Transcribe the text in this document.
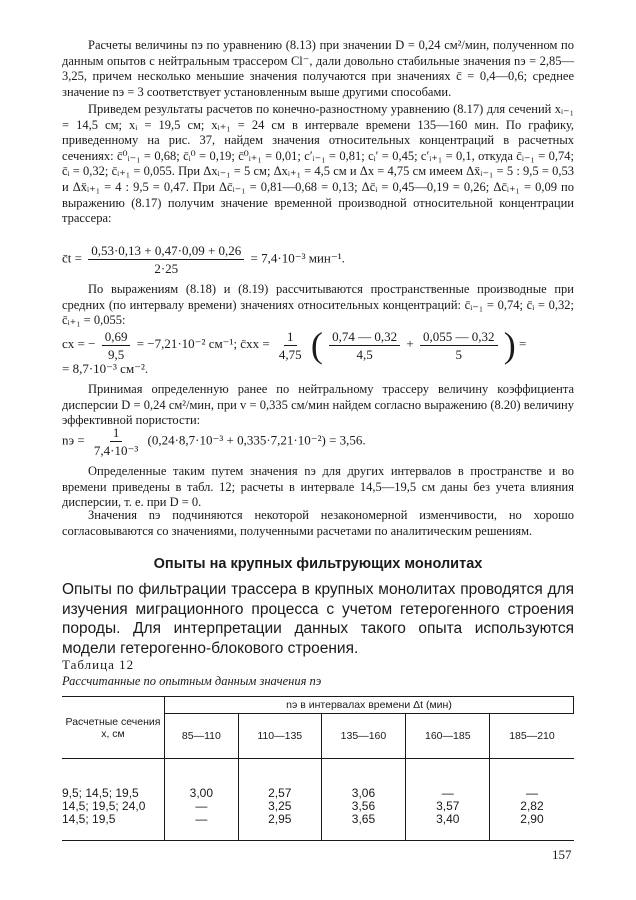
Расчеты величины nэ по уравнению (8.13) при значении D = 0,24 см²/мин, полученном по данным опытов с нейтральным трассером Cl⁻, дали довольно стабильные значения nэ = 2,85—3,25, причем несколько меньшие значения получаются при значениях c̄ = 0,4—0,6; среднее значение nэ = 3 соответствует установленным выше другими способами.

Приведем результаты расчетов по конечно-разностному уравнению (8.17) для сечений xᵢ₋₁ = 14,5 см; xᵢ = 19,5 см; xᵢ₊₁ = 24 см в интервале времени 135—160 мин. По графику, приведенному на рис. 37, найдем значения относительных концентраций в расчетных сечениях: c̄⁰ᵢ₋₁ = 0,68; c̄ᵢ⁰ = 0,19; c̄⁰ᵢ₊₁ = 0,01; c′ᵢ₋₁ = 0,81; cᵢ′ = 0,45; c′ᵢ₊₁ = 0,1, откуда c̄ᵢ₋₁ = 0,74; c̄ᵢ = 0,32; c̄ᵢ₊₁ = 0,055. При Δxᵢ₋₁ = 5 см; Δxᵢ₊₁ = 4,5 см и Δx = 4,75 см имеем Δx̄ᵢ₋₁ = 5 : 9,5 = 0,53 и Δx̄ᵢ₊₁ = 4 : 9,5 = 0,47. При Δc̄ᵢ₋₁ = 0,81—0,68 = 0,13; Δc̄ᵢ = 0,45—0,19 = 0,26; Δc̄ᵢ₊₁ = 0,09 по выражению (8.17) получим значение временной производной относительной концентрации трассера:

c̄t = $\frac{0,53\cdot 0,13 + 0,47\cdot 0,09 + 0,26}{2\cdot 25} = 7,4\cdot 10^{-3}$ мин⁻¹.

По выражениям (8.18) и (8.19) рассчитываются пространственные производные при средних (по интервалу времени) значениях относительных концентраций: c̄ᵢ₋₁ = 0,74; c̄ᵢ = 0,32; c̄ᵢ₊₁ = 0,055:

cx = − $\frac{0,69}{9,5} = -7,21\cdot 10^{-2}$ см⁻¹; c̄xx = $\frac{1}{4,75}$ ( $\frac{0,74 — 0,32}{4,5} + \frac{0,055 — 0,32}{5}$ ) =
= 8,7·10⁻³ см⁻².

Принимая определенную ранее по нейтральному трассеру величину коэффициента дисперсии D = 0,24 см²/мин, при v = 0,335 см/мин найдем согласно выражению (8.20) величину эффективной пористости:

nэ = $\frac{1}{\text{7,4·10⁻³}} (0,24\cdot 8,7\cdot 10^{-3} + 0,335\cdot 7,21\cdot 10^{-2}) = 3,56$.

Определенные таким путем значения nэ для других интервалов в пространстве и во времени приведены в табл. 12; расчеты в интервале 14,5—19,5 см даны без учета влияния дисперсии, т. е. при D = 0.

Значения nэ подчиняются некоторой незакономерной изменчивости, но хорошо согласовываются со значениями, полученными расчетами по аналитическим решениям.

Опыты на крупных фильтрующих монолитах

Опыты по фильтрации трассера в крупных монолитах проводятся для изучения миграционного процесса с учетом гетерогенного строения породы. Для интерпретации данных такого опыта используются модели гетерогенно-блокового строения.

Таблица 12
Рассчитанные по опытным данным значения nэ
Расчетные сечения x, см	nэ в интервалах времени Δt (мин)				
	85—110	110—135	135—160	160—185	185—210
9,5; 14,5; 19,5	3,00	2,57	3,06	—	—
14,5; 19,5; 24,0	—	3,25	3,56	3,57	2,82
14,5; 19,5	—	2,95	3,65	3,40	2,90
157
